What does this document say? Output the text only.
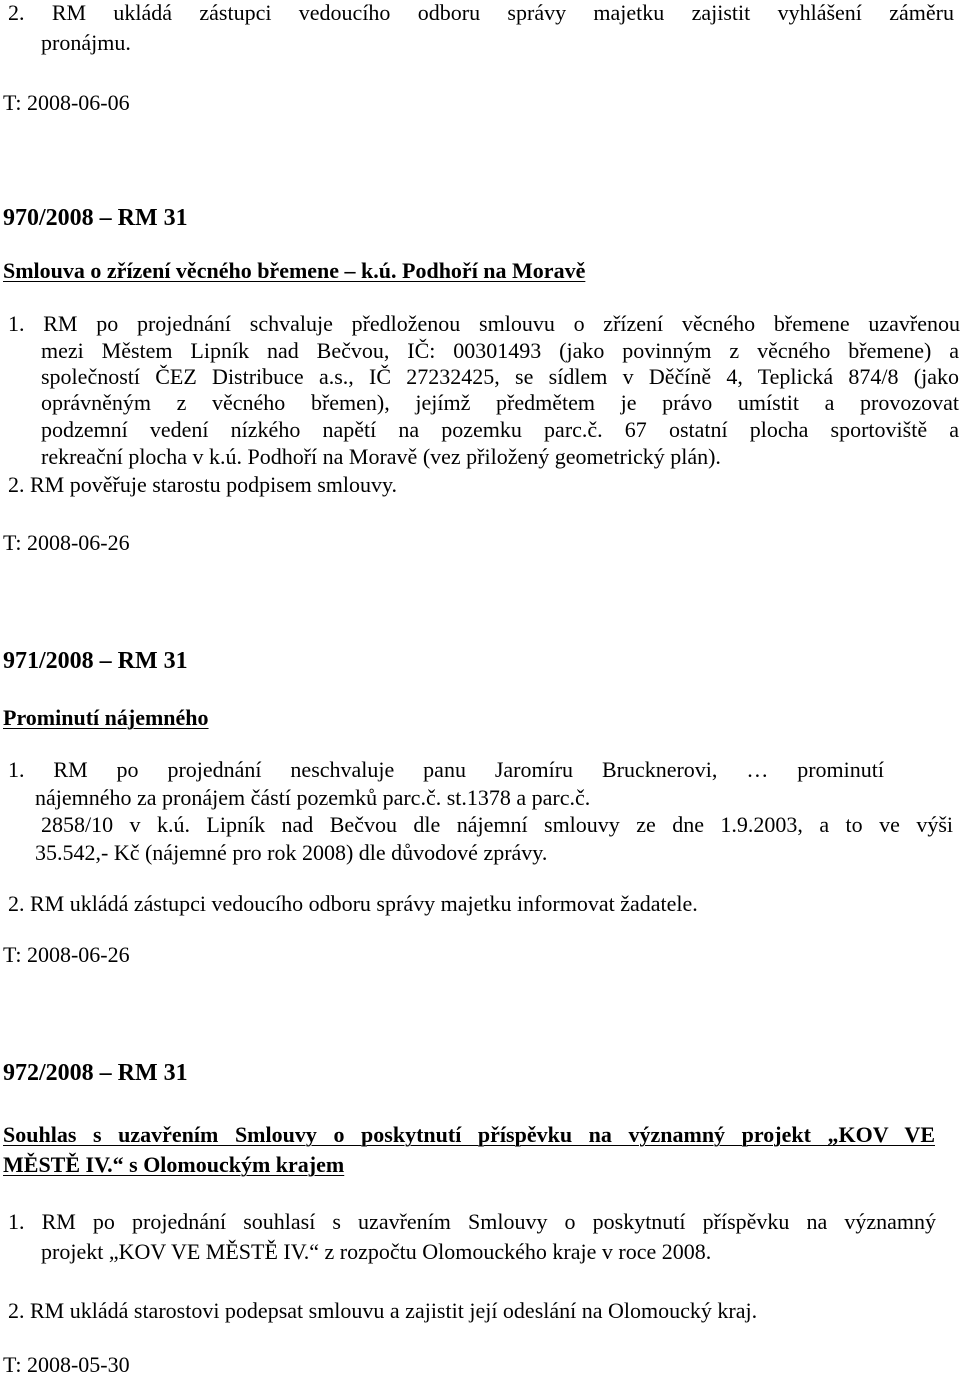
2. RM ukládá zástupci vedoucího odboru správy majetku zajistit vyhlášení záměru
pronájmu.
T: 2008-06-06
970/2008 – RM 31
Smlouva o zřízení věcného břemene – k.ú. Podhoří na Moravě
1. RM po projednání schvaluje předloženou smlouvu o zřízení věcného břemene uzavřenou
mezi Městem Lipník nad Bečvou, IČ: 00301493 (jako povinným z věcného břemene) a
společností ČEZ Distribuce a.s., IČ 27232425, se sídlem v Děčíně 4, Teplická 874/8 (jako
oprávněným z věcného břemen), jejímž předmětem je právo umístit a provozovat
podzemní vedení nízkého napětí na pozemku parc.č. 67 ostatní plocha sportoviště a
rekreační plocha v k.ú. Podhoří na Moravě (vez přiložený geometrický plán).
2. RM pověřuje starostu podpisem smlouvy.
T: 2008-06-26
971/2008 – RM 31
Prominutí nájemného
1. RM po projednání neschvaluje panu Jaromíru Brucknerovi, … prominutí
nájemného za pronájem částí pozemků parc.č. st.1378 a parc.č.
2858/10 v k.ú. Lipník nad Bečvou dle nájemní smlouvy ze dne 1.9.2003, a to ve výši
35.542,- Kč (nájemné pro rok 2008) dle důvodové zprávy.
2. RM ukládá zástupci vedoucího odboru správy majetku informovat žadatele.
T: 2008-06-26
972/2008 – RM 31
Souhlas s uzavřením Smlouvy o poskytnutí příspěvku na významný projekt „KOV VE
MĚSTĚ IV.“ s Olomouckým krajem
1. RM po projednání souhlasí s uzavřením Smlouvy o poskytnutí příspěvku na významný
projekt „KOV VE MĚSTĚ IV.“ z rozpočtu Olomouckého kraje v roce 2008.
2. RM ukládá starostovi podepsat smlouvu a zajistit její odeslání na Olomoucký kraj.
T: 2008-05-30
